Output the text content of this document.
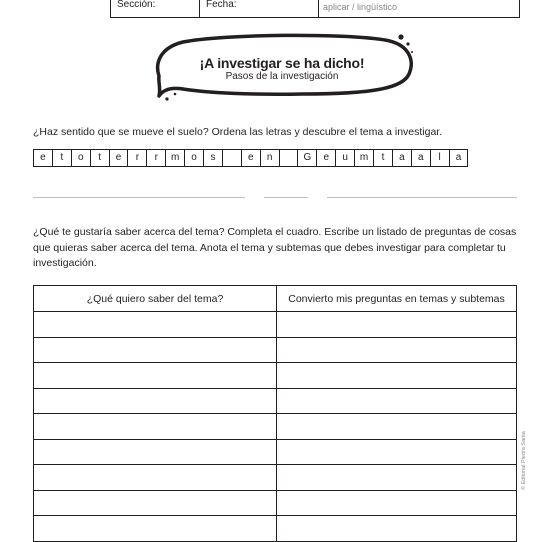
Sección:	Fecha:	aplicar / lingüístico
¡A investigar se ha dicho!
Pasos de la investigación
¿Haz sentido que se mueve el suelo? Ordena las letras y descubre el tema a investigar.
e	t	o	t	e	r	r	m	o	s	e	n	G	e	u	m	t	a	a	l	a
¿Qué te gustaría saber acerca del tema? Completa el cuadro. Escribe un listado de preguntas de cosas que quieras saber acerca del tema. Anota el tema y subtemas que debes investigar para completar tu investigación.
¿Qué quiero saber del tema?	Convierto mis preguntas en temas y subtemas

© Editorial Piedra Santa
